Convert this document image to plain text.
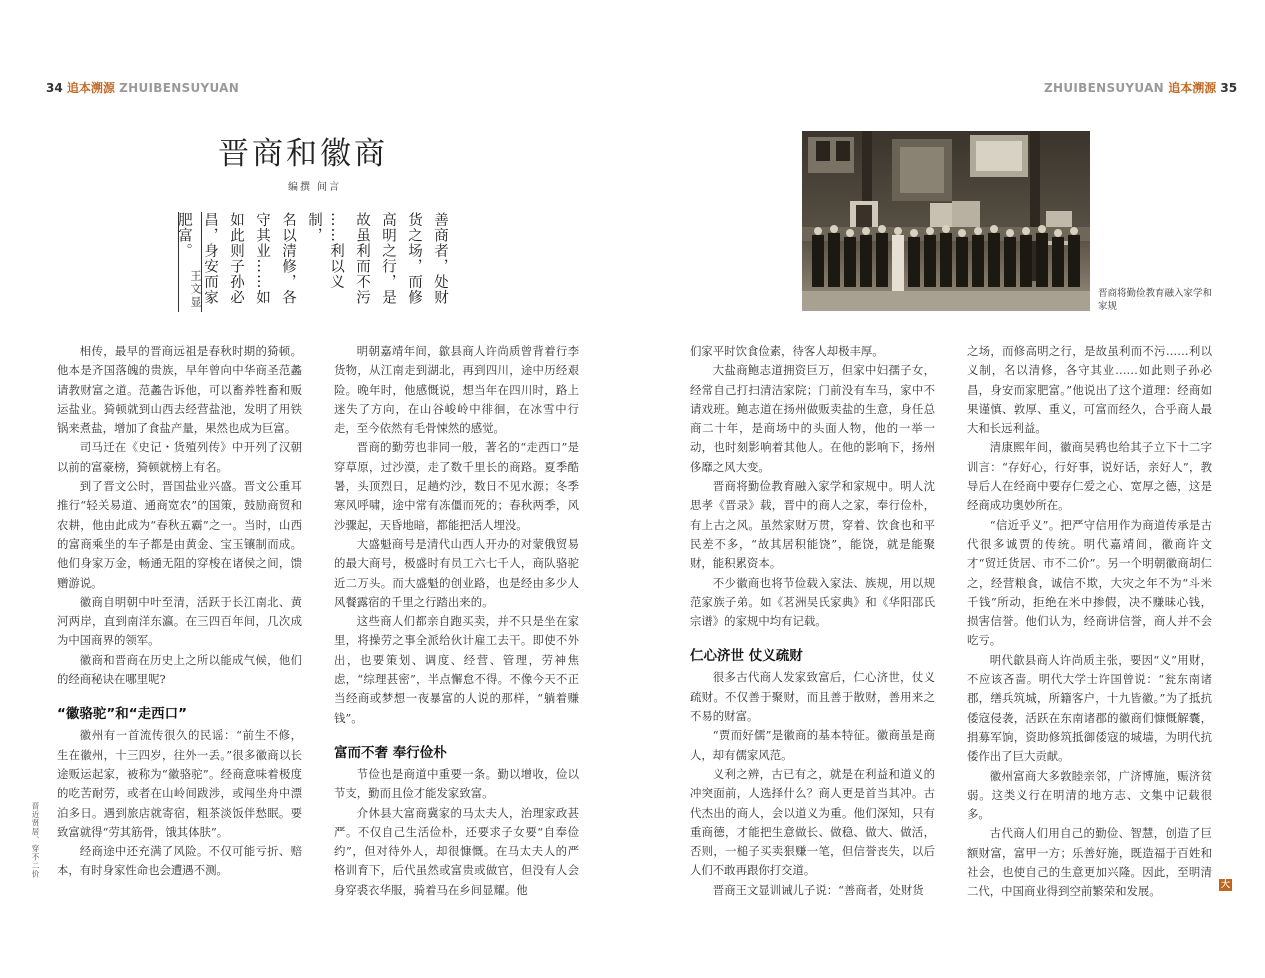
34 追本溯源 ZHUIBENSUYUAN	ZHUIBENSUYUAN 追本溯源 35
晋商和徽商
编撰 间言
王文显	善商者，处财
货之场，而修
高明之行，是
故虽利而不污
……利以义制，
名以清修，各
守其业……如
如此则子孙必
昌，身安而家
肥富。
晋商将勤俭教育融入家学和家规

相传，最早的晋商远祖是春秋时期的猗顿。他本是齐国落魄的贵族，早年曾向中华商圣范蠡请教财富之道。范蠡告诉他，可以畜养牲畜和贩运盐业。猗顿就到山西去经营盐池，发明了用铁锅来煮盐，增加了食盐产量，果然也成为巨富。

司马迁在《史记・货殖列传》中开列了汉朝以前的富豪榜，猗顿就榜上有名。

到了晋文公时，晋国盐业兴盛。晋文公重耳推行“轻关易道、通商宽农”的国策，鼓励商贸和农耕，他由此成为“春秋五霸”之一。当时，山西的富商乘坐的车子都是由黄金、宝玉镶制而成。他们身家万金，畅通无阻的穿梭在诸侯之间，馈赠游说。

徽商自明朝中叶至清，活跃于长江南北、黄河两岸，直到南洋东瀛。在三四百年间，几次成为中国商界的领军。

徽商和晋商在历史上之所以能成气候，他们的经商秘诀在哪里呢?

“徽骆驼”和“走西口”

徽州有一首流传很久的民谣：“前生不修，生在徽州，十三四岁，往外一丢。”很多徽商以长途贩运起家，被称为“徽骆驼”。经商意味着极度的吃苦耐劳，或者在山岭间跋涉，或闯坐舟中漂泊多日。遇到旅店就寄宿，粗茶淡饭伴愁眠。要致富就得“劳其筋骨，饿其体肤”。

经商途中还充满了风险。不仅可能亏折、赔本，有时身家性命也会遭遇不测。

明朝嘉靖年间，歙县商人许尚质曾背着行李货物，从江南走到湖北，再到四川，途中历经艰险。晚年时，他感慨说，想当年在四川时，路上迷失了方向，在山谷峻岭中徘徊，在冰雪中行走，至今依然有毛骨悚然的感觉。

晋商的勤劳也非同一般，著名的“走西口”是穿草原，过沙漠，走了数千里长的商路。夏季酷暑，头顶烈日，足趟灼沙，数日不见水源；冬季寒风呼啸，途中常有冻僵而死的；春秋两季，风沙骤起，天昏地暗，都能把活人埋没。

大盛魁商号是清代山西人开办的对蒙俄贸易的最大商号，极盛时有员工六七千人，商队骆驼近二万头。而大盛魁的创业路，也是经由多少人风餐露宿的千里之行踏出来的。

这些商人们都亲自跑买卖，并不只是坐在家里，将操劳之事全派给伙计雇工去干。即使不外出，也要策划、调度、经营、管理，劳神焦虑，“综理甚密”，半点懈怠不得。不像今天不正当经商或梦想一夜暴富的人说的那样，“躺着赚钱”。

富而不奢 奉行俭朴

节俭也是商道中重要一条。勤以增收，俭以节支，勤而且俭才能发家致富。

介休县大富商冀家的马太夫人，治理家政甚严。不仅自己生活俭朴，还要求子女要“自奉俭约”，但对待外人，却很慷慨。在马太夫人的严格训育下，后代虽然或富贵或做官，但没有人会身穿裘衣华服，骑着马在乡间显耀。他

们家平时饮食俭素，待客人却极丰厚。

大盐商鲍志道拥资巨万，但家中妇孺子女，经常自己打扫清洁家院；门前没有车马，家中不请戏班。鲍志道在扬州做贩卖盐的生意，身任总商二十年，是商场中的头面人物，他的一举一动，也时刻影响着其他人。在他的影响下，扬州侈靡之风大变。

晋商将勤俭教育融入家学和家规中。明人沈思孝《晋录》载，晋中的商人之家，奉行俭朴，有上古之风。虽然家财万贯，穿着、饮食也和平民差不多，“故其居积能饶”，能饶，就是能聚财，能积累资本。

不少徽商也将节俭载入家法、族规，用以规范家族子弟。如《茗洲吴氏家典》和《华阳邵氏宗谱》的家规中均有记载。

仁心济世 仗义疏财

很多古代商人发家致富后，仁心济世，仗义疏财。不仅善于聚财，而且善于散财，善用来之不易的财富。

“贾而好儒”是徽商的基本特征。徽商虽是商人，却有儒家风范。

义利之辨，古已有之，就是在利益和道义的冲突面前，人选择什么？商人更是首当其冲。古代杰出的商人，会以道义为重。他们深知，只有重商德，才能把生意做长、做稳、做大、做活，否则，一槌子买卖狠赚一笔，但信誉丧失，以后人们不敢再跟你打交道。

晋商王文显训诫儿子说：“善商者，处财货

之场，而修高明之行，是故虽利而不污……利以义制，名以清修，各守其业……如此则子孙必昌，身安而家肥富。”他说出了这个道理：经商如果谨慎、敦厚、重义，可富而经久，合乎商人最大和长远利益。

清康熙年间，徽商吴鸦也给其子立下十二字训言：“存好心，行好事，说好话，亲好人”，教导后人在经商中要存仁爱之心、宽厚之德，这是经商成功奥妙所在。

“信近乎义”。把严守信用作为商道传承是古代很多诚贾的传统。明代嘉靖间，徽商许文才“贸迁货居、市不二价”。另一个明朝徽商胡仁之，经营粮食，诚信不欺，大灾之年不为“斗米千钱”所动，拒绝在米中掺假，决不赚昧心钱，损害信誉。他们认为，经商讲信誉，商人并不会吃亏。

明代歙县商人许尚质主张，要因“义”用财，不应该吝啬。明代大学士许国曾说：“瓮东南诸郡，缮兵筑城，所籍客户，十九皆徽。”为了抵抗倭寇侵袭，活跃在东南诸郡的徽商们慷慨解囊，捐募军饷，资助修筑抵御倭寇的城墙，为明代抗倭作出了巨大贡献。

徽州富商大多敦睦亲邻，广济博施，赈济贫弱。这类义行在明清的地方志、文集中记载很多。

古代商人们用自己的勤俭、智慧，创造了巨额财富，富甲一方；乐善好施，既造福于百姓和社会，也使自己的生意更加兴隆。因此，至明清二代，中国商业得到空前繁荣和发展。

晋近贤居、穿不二价
大
